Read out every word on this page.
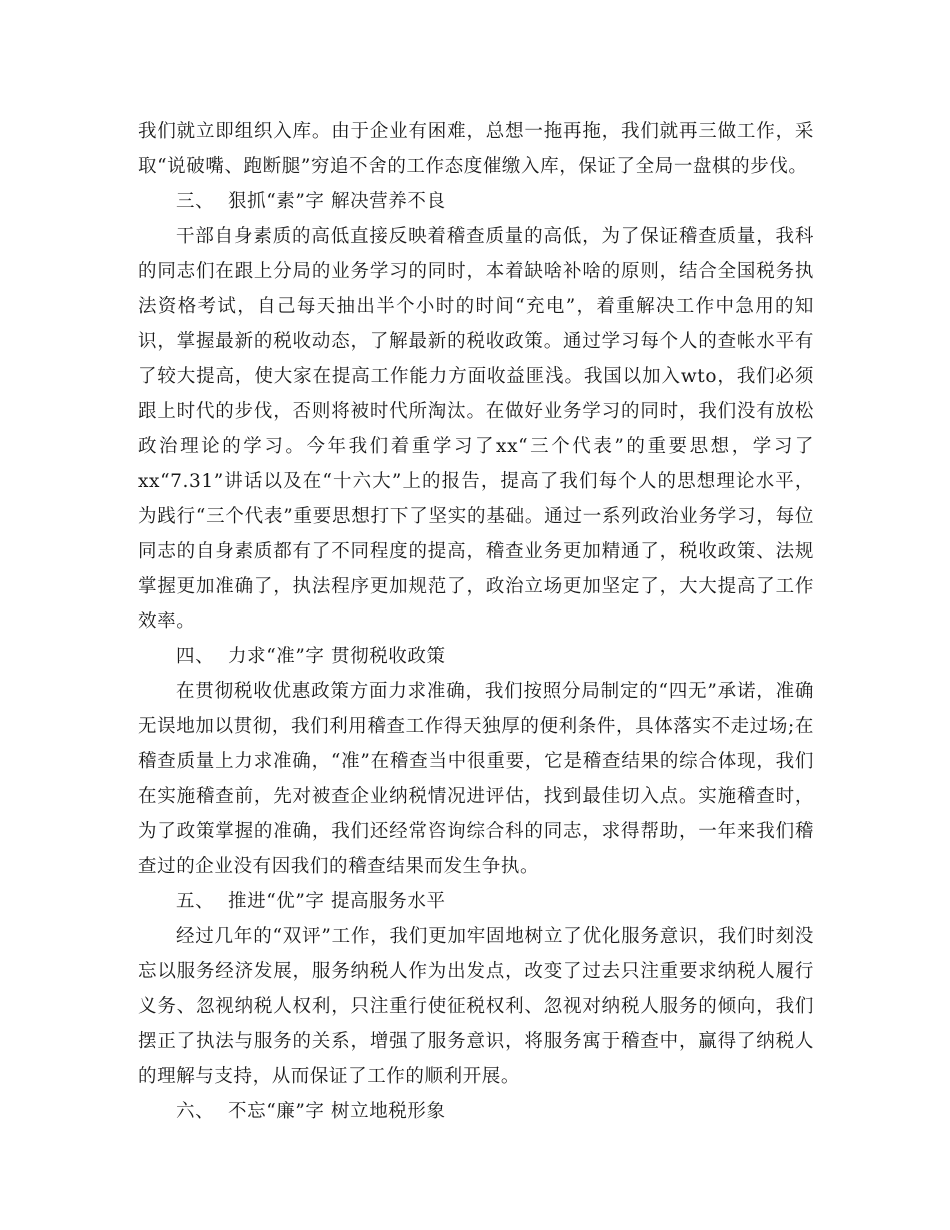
我们就立即组织入库。由于企业有困难，总想一拖再拖，我们就再三做工作，采取“说破嘴、跑断腿”穷追不舍的工作态度催缴入库，保证了全局一盘棋的步伐。

三、 狠抓“素”字 解决营养不良

干部自身素质的高低直接反映着稽查质量的高低，为了保证稽查质量，我科的同志们在跟上分局的业务学习的同时，本着缺啥补啥的原则，结合全国税务执法资格考试，自己每天抽出半个小时的时间“充电”，着重解决工作中急用的知识，掌握最新的税收动态，了解最新的税收政策。通过学习每个人的查帐水平有了较大提高，使大家在提高工作能力方面收益匪浅。我国以加入wto，我们必须跟上时代的步伐，否则将被时代所淘汰。在做好业务学习的同时，我们没有放松政治理论的学习。今年我们着重学习了xx“三个代表”的重要思想，学习了xx“7.31”讲话以及在“十六大”上的报告，提高了我们每个人的思想理论水平，为践行“三个代表”重要思想打下了坚实的基础。通过一系列政治业务学习，每位同志的自身素质都有了不同程度的提高，稽查业务更加精通了，税收政策、法规掌握更加准确了，执法程序更加规范了，政治立场更加坚定了，大大提高了工作效率。

四、 力求“准”字 贯彻税收政策

在贯彻税收优惠政策方面力求准确，我们按照分局制定的“四无”承诺，准确无误地加以贯彻，我们利用稽查工作得天独厚的便利条件，具体落实不走过场;在稽查质量上力求准确，“准”在稽查当中很重要，它是稽查结果的综合体现，我们在实施稽查前，先对被查企业纳税情况进评估，找到最佳切入点。实施稽查时，为了政策掌握的准确，我们还经常咨询综合科的同志，求得帮助，一年来我们稽查过的企业没有因我们的稽查结果而发生争执。

五、 推进“优”字 提高服务水平

经过几年的“双评”工作，我们更加牢固地树立了优化服务意识，我们时刻没忘以服务经济发展，服务纳税人作为出发点，改变了过去只注重要求纳税人履行义务、忽视纳税人权利，只注重行使征税权利、忽视对纳税人服务的倾向，我们摆正了执法与服务的关系，增强了服务意识，将服务寓于稽查中，赢得了纳税人的理解与支持，从而保证了工作的顺利开展。

六、 不忘“廉”字 树立地税形象
